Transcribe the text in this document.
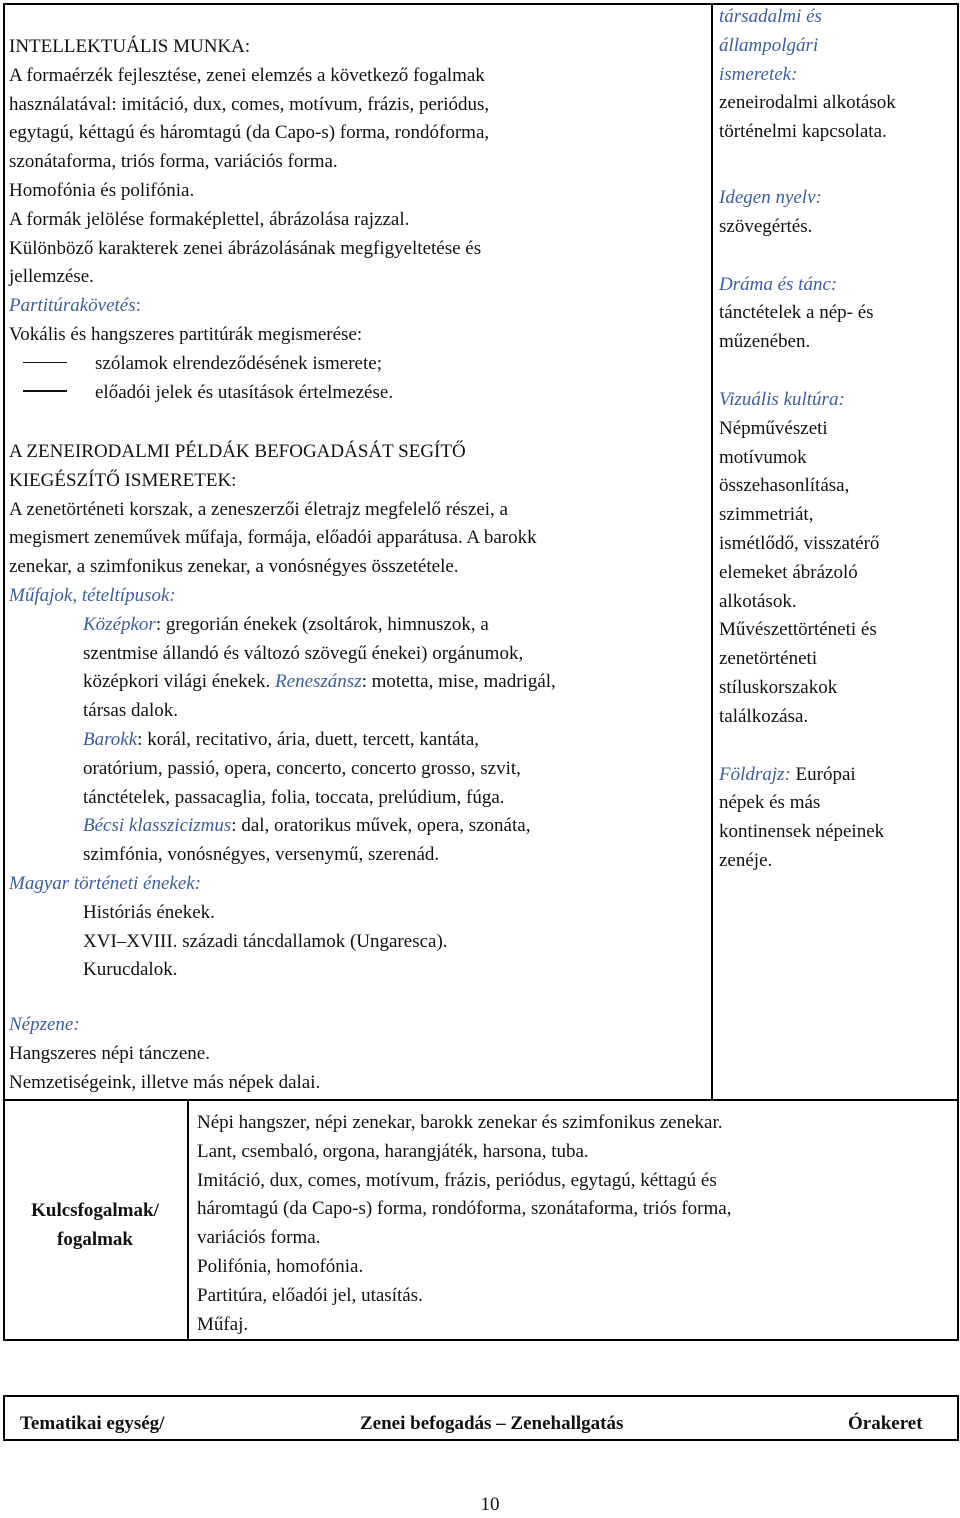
INTELLEKTUÁLIS MUNKA:
A formaérzék fejlesztése, zenei elemzés a következő fogalmak
használatával: imitáció, dux, comes, motívum, frázis, periódus,
egytagú, kéttagú és háromtagú (da Capo-s) forma, rondóforma,
szonátaforma, triós forma, variációs forma.
Homofónia és polifónia.
A formák jelölése formaképlettel, ábrázolása rajzzal.
Különböző karakterek zenei ábrázolásának megfigyeltetése és
jellemzése.
Partitúrakövetés:
Vokális és hangszeres partitúrák megismerése:
szólamok elrendeződésének ismerete;
előadói jelek és utasítások értelmezése.
A ZENEIRODALMI PÉLDÁK BEFOGADÁSÁT SEGÍTŐ
KIEGÉSZÍTŐ ISMERETEK:
A zenetörténeti korszak, a zeneszerzői életrajz megfelelő részei, a
megismert zeneművek műfaja, formája, előadói apparátusa. A barokk
zenekar, a szimfonikus zenekar, a vonósnégyes összetétele.
Műfajok, tételtípusok:
Középkor: gregorián énekek (zsoltárok, himnuszok, a
szentmise állandó és változó szövegű énekei) orgánumok,
középkori világi énekek. Reneszánsz: motetta, mise, madrigál,
társas dalok.
Barokk: korál, recitativo, ária, duett, tercett, kantáta,
oratórium, passió, opera, concerto, concerto grosso, szvit,
tánctételek, passacaglia, folia, toccata, prelúdium, fúga.
Bécsi klasszicizmus: dal, oratorikus művek, opera, szonáta,
szimfónia, vonósnégyes, versenymű, szerenád.
Magyar történeti énekek:
Históriás énekek.
XVI–XVIII. századi táncdallamok (Ungaresca).
Kurucdalok.
Népzene:
Hangszeres népi tánczene.
Nemzetiségeink, illetve más népek dalai.
társadalmi és
állampolgári
ismeretek:
zeneirodalmi alkotások
történelmi kapcsolata.
Idegen nyelv:
szövegértés.
Dráma és tánc:
tánctételek a nép- és
műzenében.
Vizuális kultúra:
Népművészeti
motívumok
összehasonlítása,
szimmetriát,
ismétlődő, visszatérő
elemeket ábrázoló
alkotások.
Művészettörténeti és
zenetörténeti
stíluskorszakok
találkozása.
Földrajz: Európai
népek és más
kontinensek népeinek
zenéje.
Kulcsfogalmak/
fogalmak
Népi hangszer, népi zenekar, barokk zenekar és szimfonikus zenekar.
Lant, csembaló, orgona, harangjáték, harsona, tuba.
Imitáció, dux, comes, motívum, frázis, periódus, egytagú, kéttagú és
háromtagú (da Capo-s) forma, rondóforma, szonátaforma, triós forma,
variációs forma.
Polifónia, homofónia.
Partitúra, előadói jel, utasítás.
Műfaj.
Tematikai egység/	Zenei befogadás – Zenehallgatás	Órakeret
10
